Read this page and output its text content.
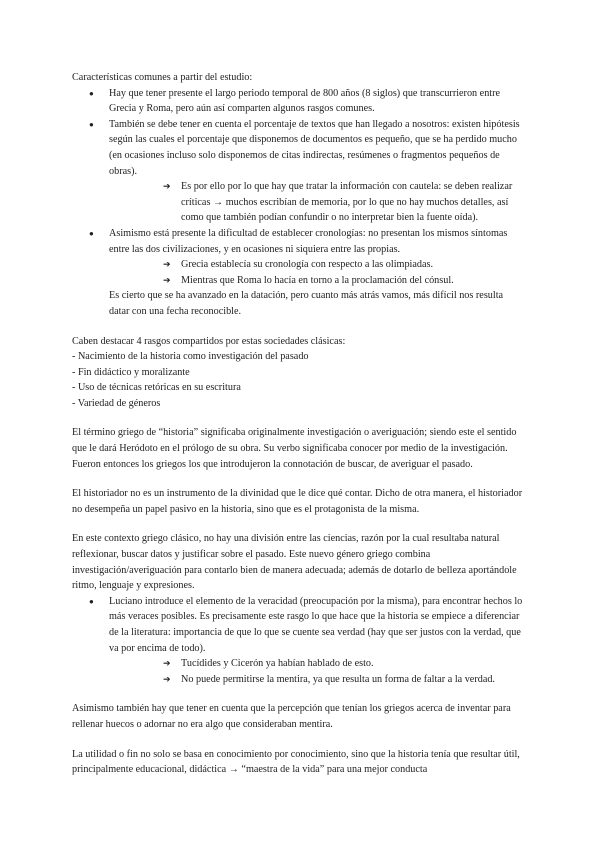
Características comunes a partir del estudio:

● Hay que tener presente el largo periodo temporal de 800 años (8 siglos) que transcurrieron entre Grecia y Roma, pero aún así comparten algunos rasgos comunes.
● También se debe tener en cuenta el porcentaje de textos que han llegado a nosotros: existen hipótesis según las cuales el porcentaje que disponemos de documentos es pequeño, que se ha perdido mucho (en ocasiones incluso solo disponemos de citas indirectas, resúmenes o fragmentos pequeños de obras).
➔ Es por ello por lo que hay que tratar la información con cautela: se deben realizar críticas → muchos escribían de memoria, por lo que no hay muchos detalles, así como que también podían confundir o no interpretar bien la fuente oída).
● Asimismo está presente la dificultad de establecer cronologías: no presentan los mismos síntomas entre las dos civilizaciones, y en ocasiones ni siquiera entre las propias.
➔ Grecia establecía su cronología con respecto a las olimpiadas.
➔ Mientras que Roma lo hacía en torno a la proclamación del cónsul.

Es cierto que se ha avanzado en la datación, pero cuanto más atrás vamos, más difícil nos resulta datar con una fecha reconocible.

Caben destacar 4 rasgos compartidos por estas sociedades clásicas:

- Nacimiento de la historia como investigación del pasado

- Fin didáctico y moralizante

- Uso de técnicas retóricas en su escritura

- Variedad de géneros

El término griego de “historia” significaba originalmente investigación o averiguación; siendo este el sentido que le dará Heródoto en el prólogo de su obra. Su verbo significaba conocer por medio de la investigación. Fueron entonces los griegos los que introdujeron la connotación de buscar, de averiguar el pasado.

El historiador no es un instrumento de la divinidad que le dice qué contar. Dicho de otra manera, el historiador no desempeña un papel pasivo en la historia, sino que es el protagonista de la misma.

En este contexto griego clásico, no hay una división entre las ciencias, razón por la cual resultaba natural reflexionar, buscar datos y justificar sobre el pasado. Este nuevo género griego combina investigación/averiguación para contarlo bien de manera adecuada; además de dotarlo de belleza aportándole ritmo, lenguaje y expresiones.

● Luciano introduce el elemento de la veracidad (preocupación por la misma), para encontrar hechos lo más veraces posibles. Es precisamente este rasgo lo que hace que la historia se empiece a diferenciar de la literatura: importancia de que lo que se cuente sea verdad (hay que ser justos con la verdad, que va por encima de todo).
➔ Tucídides y Cicerón ya habían hablado de esto.
➔ No puede permitirse la mentira, ya que resulta un forma de faltar a la verdad.

Asimismo también hay que tener en cuenta que la percepción que tenían los griegos acerca de inventar para rellenar huecos o adornar no era algo que consideraban mentira.

La utilidad o fin no solo se basa en conocimiento por conocimiento, sino que la historia tenía que resultar útil, principalmente educacional, didáctica → “maestra de la vida” para una mejor conducta
